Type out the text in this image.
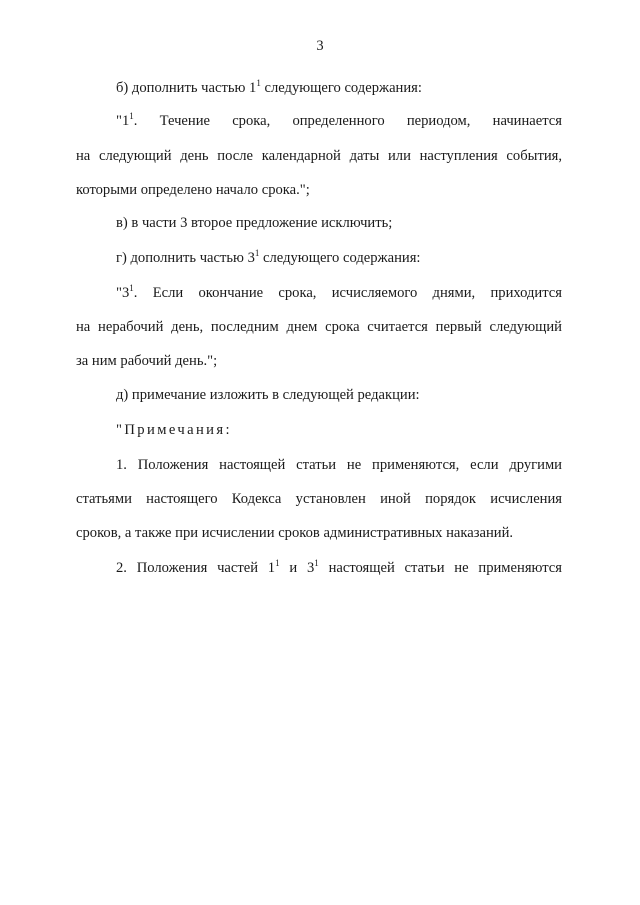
3
б) дополнить частью $1^1$ следующего содержания:
"$1^1$. Течение срока, определенного периодом, начинается
на следующий день после календарной даты или наступления события,
которыми определено начало срока.";
в) в части 3 второе предложение исключить;
г) дополнить частью $3^1$ следующего содержания:
"$3^1$. Если окончание срока, исчисляемого днями, приходится
на нерабочий день, последним днем срока считается первый следующий
за ним рабочий день.";
д) примечание изложить в следующей редакции:
"Примечания:
1. Положения настоящей статьи не применяются, если другими
статьями настоящего Кодекса установлен иной порядок исчисления
сроков, а также при исчислении сроков административных наказаний.
2. Положения частей $1^1$ и $3^1$ настоящей статьи не применяются
